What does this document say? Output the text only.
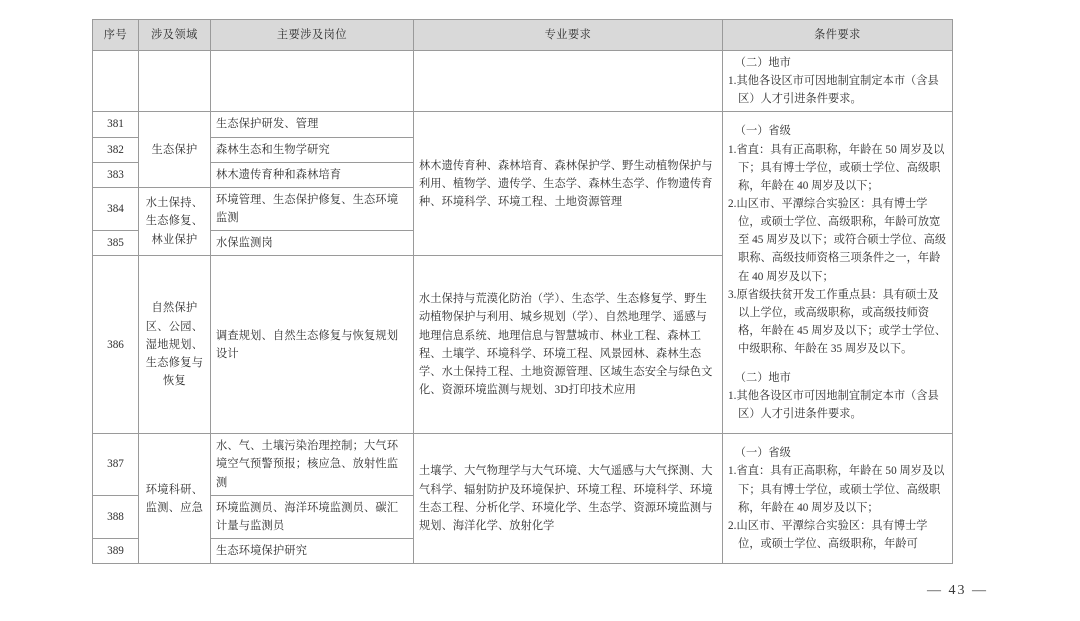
序号	涉及领域	主要涉及岗位	专业要求	条件要求

				（二）地市
1.其他各设区市可因地制宜制定本市（含县区）人才引进条件要求。

381	生态保护	生态保护研发、管理	林木遗传育种、森林培育、森林保护学、野生动植物保护与利用、植物学、遗传学、生态学、森林生态学、作物遗传育种、环境科学、环境工程、土地资源管理	
（一）省级
1.省直：具有正高职称，年龄在 50 周岁及以下；具有博士学位，或硕士学位、高级职称，年龄在 40 周岁及以下；
2.山区市、平潭综合实验区：具有博士学位，或硕士学位、高级职称，年龄可放宽至 45 周岁及以下；或符合硕士学位、高级职称、高级技师资格三项条件之一，年龄在 40 周岁及以下；
3.原省级扶贫开发工作重点县：具有硕士及以上学位，或高级职称，或高级技师资格，年龄在 45 周岁及以下；或学士学位、中级职称、年龄在 35 周岁及以下。
（二）地市
1.其他各设区市可因地制宜制定本市（含县区）人才引进条件要求。

382		森林生态和生物学研究		
383		林木遗传育种和森林培育		
384	水土保持、生态修复、林业保护	环境管理、生态保护修复、生态环境监测		
385		水保监测岗		
386	自然保护区、公园、湿地规划、生态修复与恢复	调查规划、自然生态修复与恢复规划设计	水土保持与荒漠化防治（学）、生态学、生态修复学、野生动植物保护与利用、城乡规划（学）、自然地理学、遥感与地理信息系统、地理信息与智慧城市、林业工程、森林工程、土壤学、环境科学、环境工程、风景园林、森林生态学、水土保持工程、土地资源管理、区域生态安全与绿色文化、资源环境监测与规划、3D打印技术应用	
387	环境科研、监测、应急	水、气、土壤污染治理控制；大气环境空气预警预报；核应急、放射性监测	土壤学、大气物理学与大气环境、大气遥感与大气探测、大气科学、辐射防护及环境保护、环境工程、环境科学、环境生态工程、分析化学、环境化学、生态学、资源环境监测与规划、海洋化学、放射化学	（一）省级
1.省直：具有正高职称，年龄在 50 周岁及以下；具有博士学位，或硕士学位、高级职称，年龄在 40 周岁及以下；
2.山区市、平潭综合实验区：具有博士学位，或硕士学位、高级职称，年龄可

388		环境监测员、海洋环境监测员、碳汇计量与监测员		
389		生态环境保护研究		
— 43 —
